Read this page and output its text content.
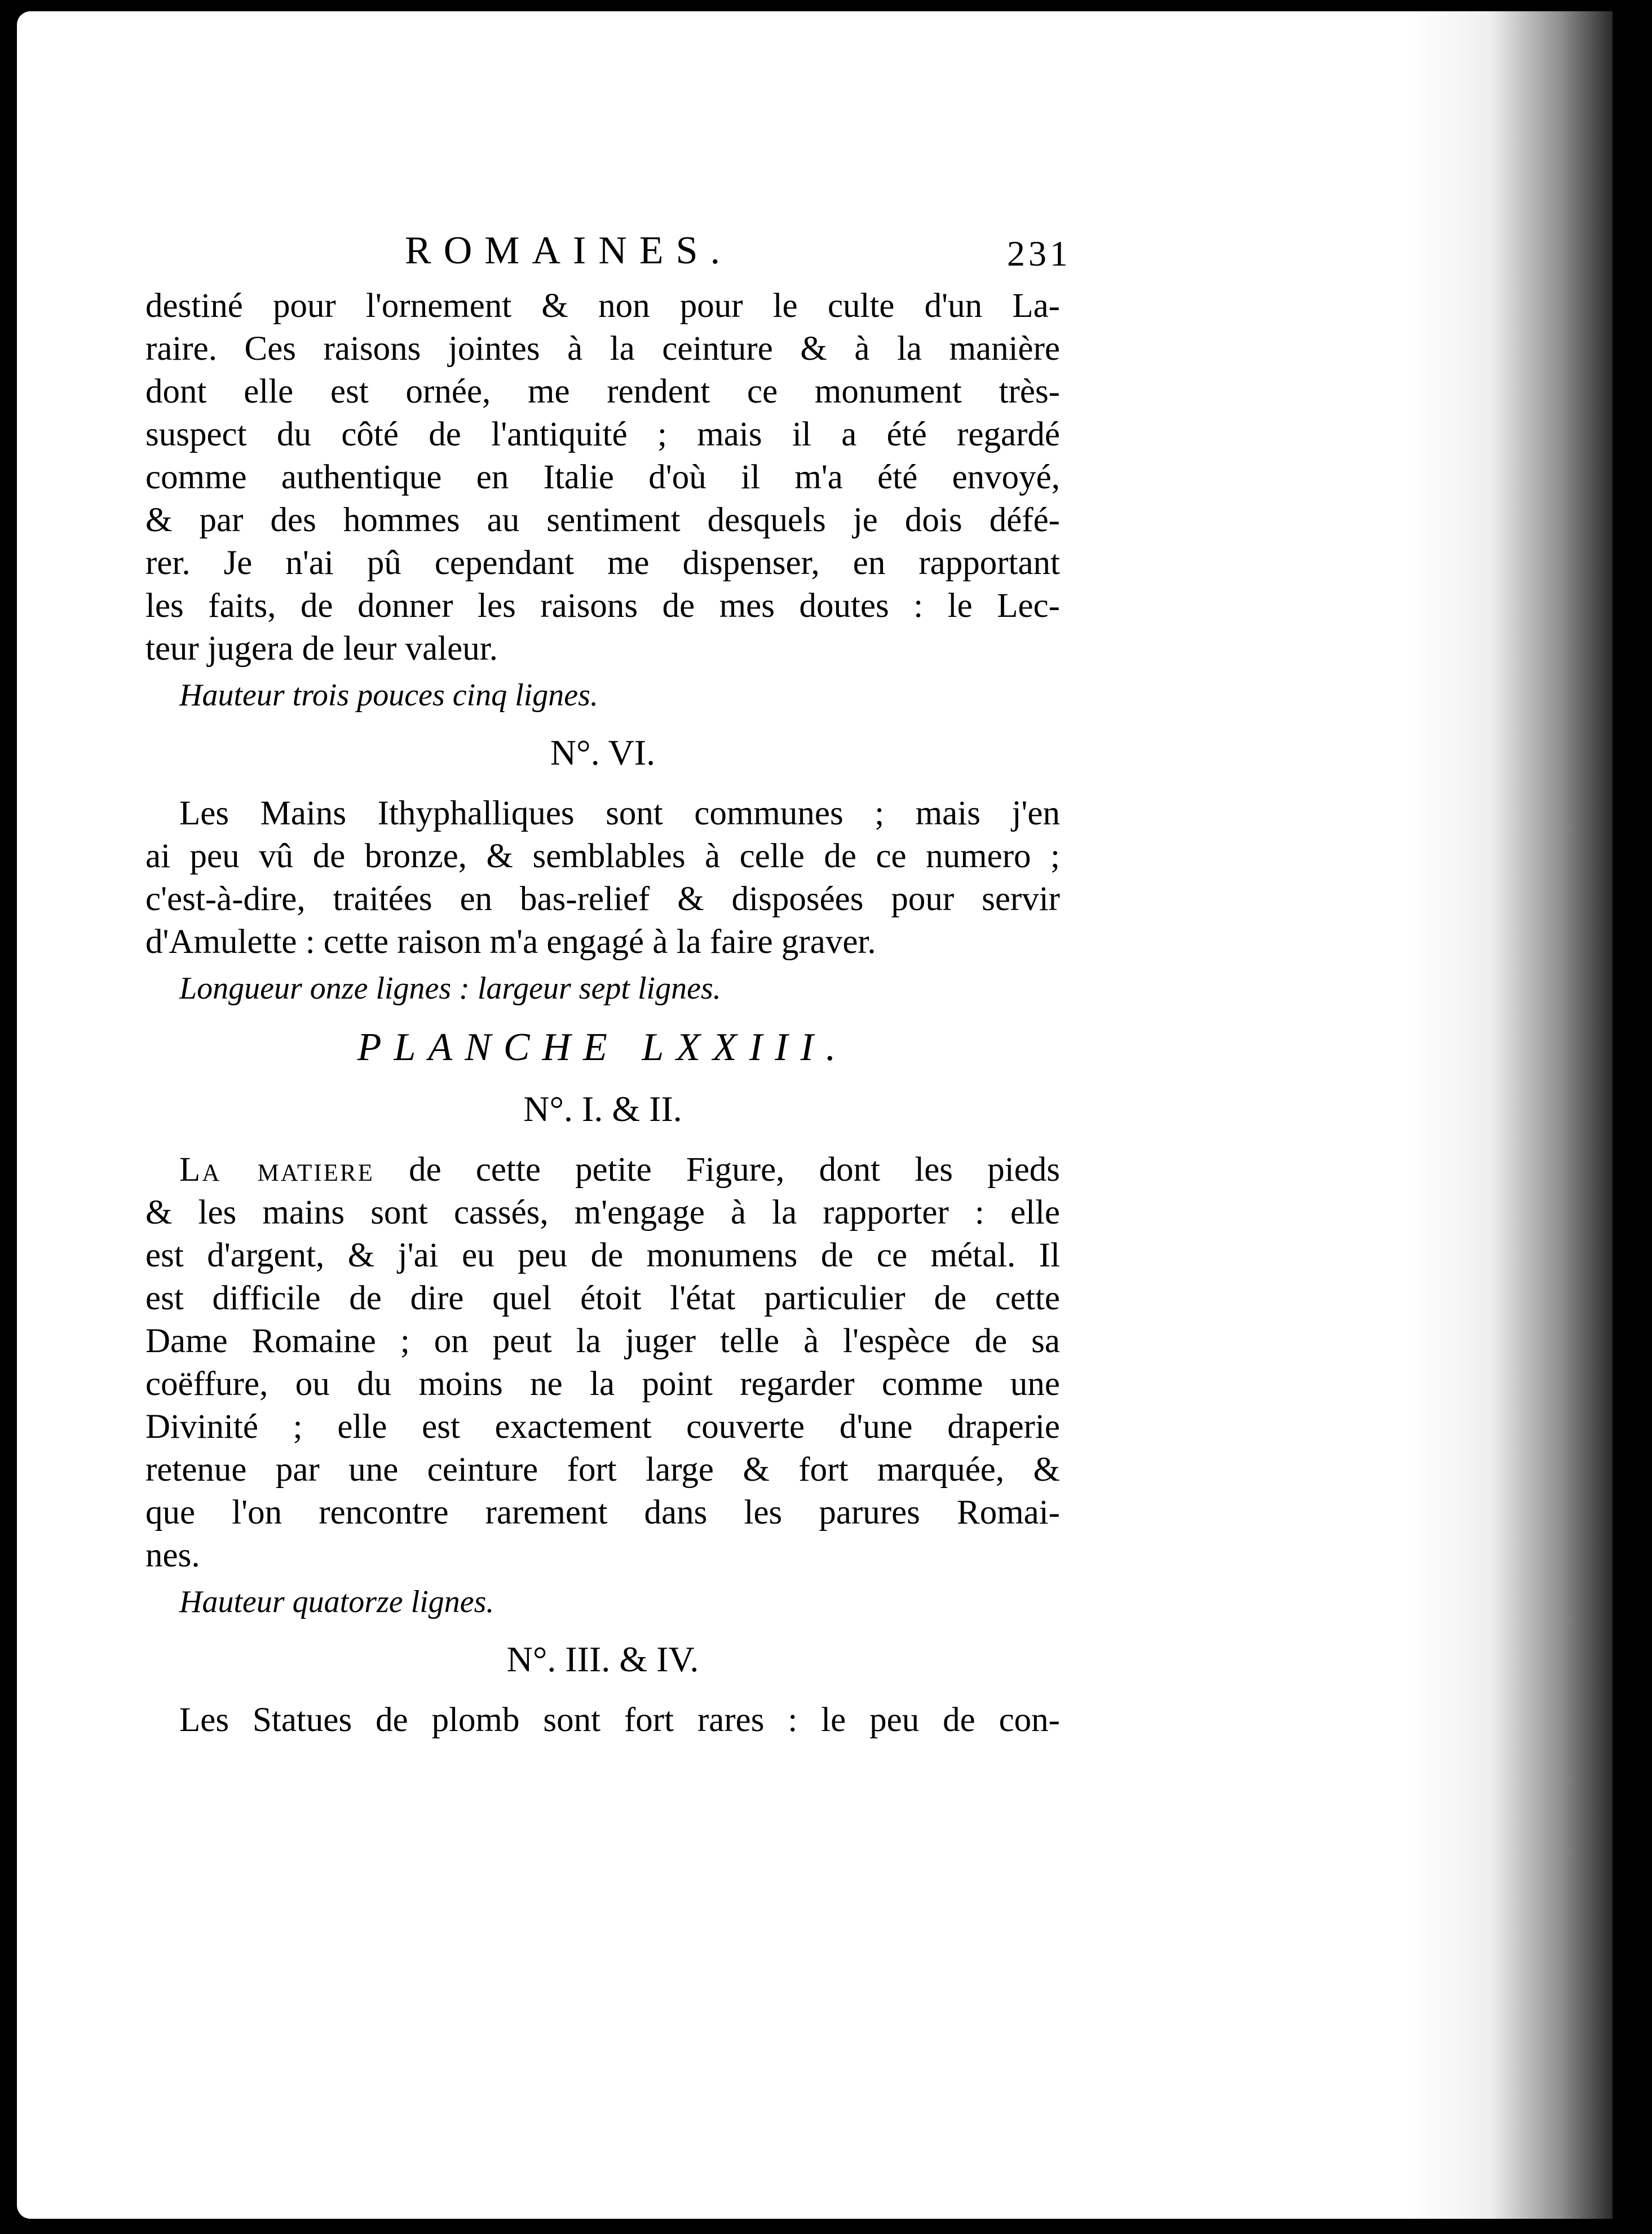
ROMAINES.	231

destiné pour l'ornement & non pour le culte d'un La-
raire. Ces raisons jointes à la ceinture & à la manière
dont elle est ornée, me rendent ce monument très-
suspect du côté de l'antiquité ; mais il a été regardé
comme authentique en Italie d'où il m'a été envoyé,
& par des hommes au sentiment desquels je dois défé-
rer. Je n'ai pû cependant me dispenser, en rapportant
les faits, de donner les raisons de mes doutes : le Lec-
teur jugera de leur valeur.

Hauteur trois pouces cinq lignes.

N°. VI.

Les Mains Ithyphalliques sont communes ; mais j'en
ai peu vû de bronze, & semblables à celle de ce numero ;
c'est-à-dire, traitées en bas-relief & disposées pour servir
d'Amulette : cette raison m'a engagé à la faire graver.

Longueur onze lignes : largeur sept lignes.

PLANCHE LXXIII.
N°. I. & II.

La matiere de cette petite Figure, dont les pieds
& les mains sont cassés, m'engage à la rapporter : elle
est d'argent, & j'ai eu peu de monumens de ce métal. Il
est difficile de dire quel étoit l'état particulier de cette
Dame Romaine ; on peut la juger telle à l'espèce de sa
coëffure, ou du moins ne la point regarder comme une
Divinité ; elle est exactement couverte d'une draperie
retenue par une ceinture fort large & fort marquée, &
que l'on rencontre rarement dans les parures Romai-
nes.

Hauteur quatorze lignes.

N°. III. & IV.

Les Statues de plomb sont fort rares : le peu de con-
